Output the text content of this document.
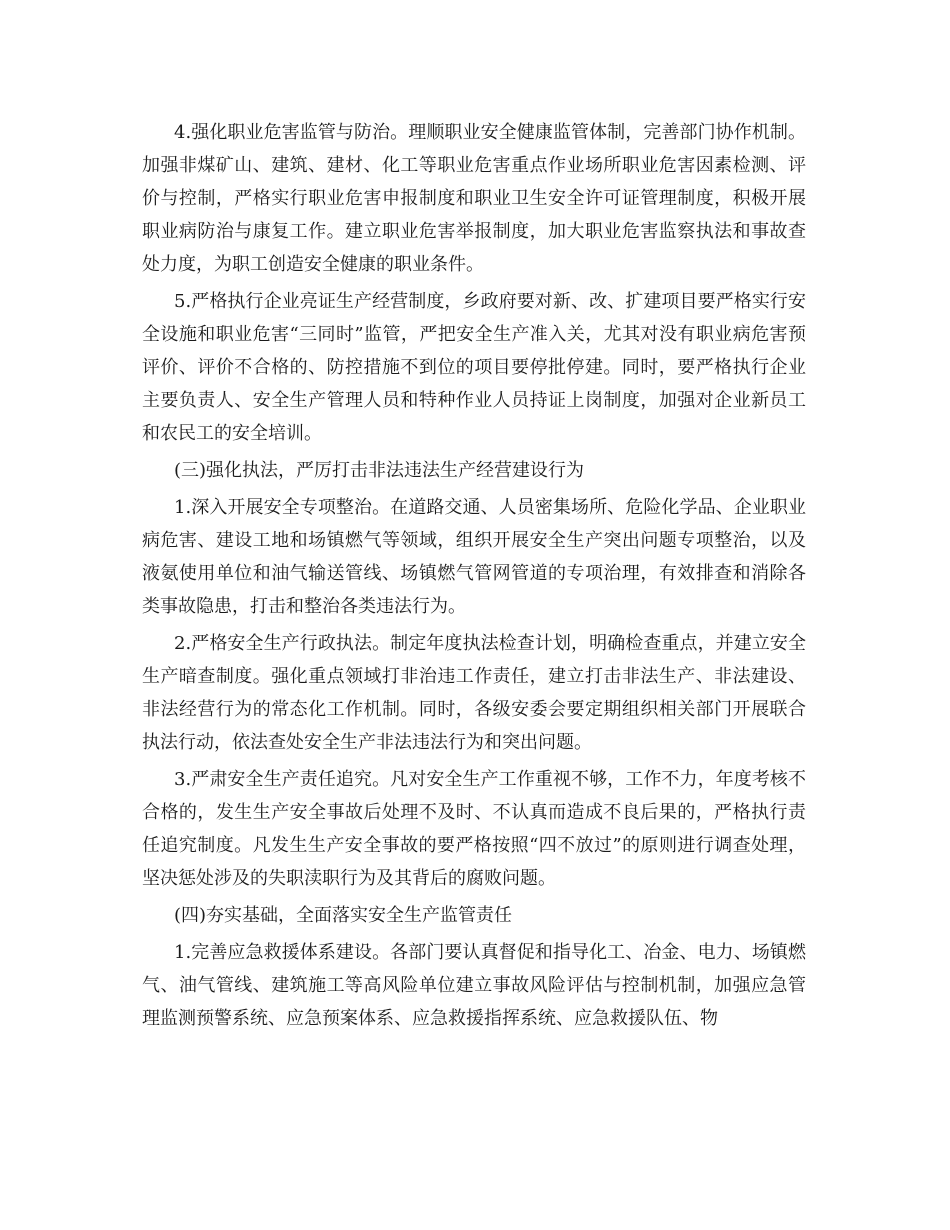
4.强化职业危害监管与防治。理顺职业安全健康监管体制，完善部门协作机制。加强非煤矿山、建筑、建材、化工等职业危害重点作业场所职业危害因素检测、评价与控制，严格实行职业危害申报制度和职业卫生安全许可证管理制度，积极开展职业病防治与康复工作。建立职业危害举报制度，加大职业危害监察执法和事故查处力度，为职工创造安全健康的职业条件。

5.严格执行企业亮证生产经营制度，乡政府要对新、改、扩建项目要严格实行安全设施和职业危害“三同时”监管，严把安全生产准入关，尤其对没有职业病危害预评价、评价不合格的、防控措施不到位的项目要停批停建。同时，要严格执行企业主要负责人、安全生产管理人员和特种作业人员持证上岗制度，加强对企业新员工和农民工的安全培训。

(三)强化执法，严厉打击非法违法生产经营建设行为

1.深入开展安全专项整治。在道路交通、人员密集场所、危险化学品、企业职业病危害、建设工地和场镇燃气等领域，组织开展安全生产突出问题专项整治，以及液氨使用单位和油气输送管线、场镇燃气管网管道的专项治理，有效排查和消除各类事故隐患，打击和整治各类违法行为。

2.严格安全生产行政执法。制定年度执法检查计划，明确检查重点，并建立安全生产暗查制度。强化重点领域打非治违工作责任，建立打击非法生产、非法建设、非法经营行为的常态化工作机制。同时，各级安委会要定期组织相关部门开展联合执法行动，依法查处安全生产非法违法行为和突出问题。

3.严肃安全生产责任追究。凡对安全生产工作重视不够，工作不力，年度考核不合格的，发生生产安全事故后处理不及时、不认真而造成不良后果的，严格执行责任追究制度。凡发生生产安全事故的要严格按照“四不放过”的原则进行调查处理，坚决惩处涉及的失职渎职行为及其背后的腐败问题。

(四)夯实基础，全面落实安全生产监管责任

1.完善应急救援体系建设。各部门要认真督促和指导化工、冶金、电力、场镇燃气、油气管线、建筑施工等高风险单位建立事故风险评估与控制机制，加强应急管理监测预警系统、应急预案体系、应急救援指挥系统、应急救援队伍、物
